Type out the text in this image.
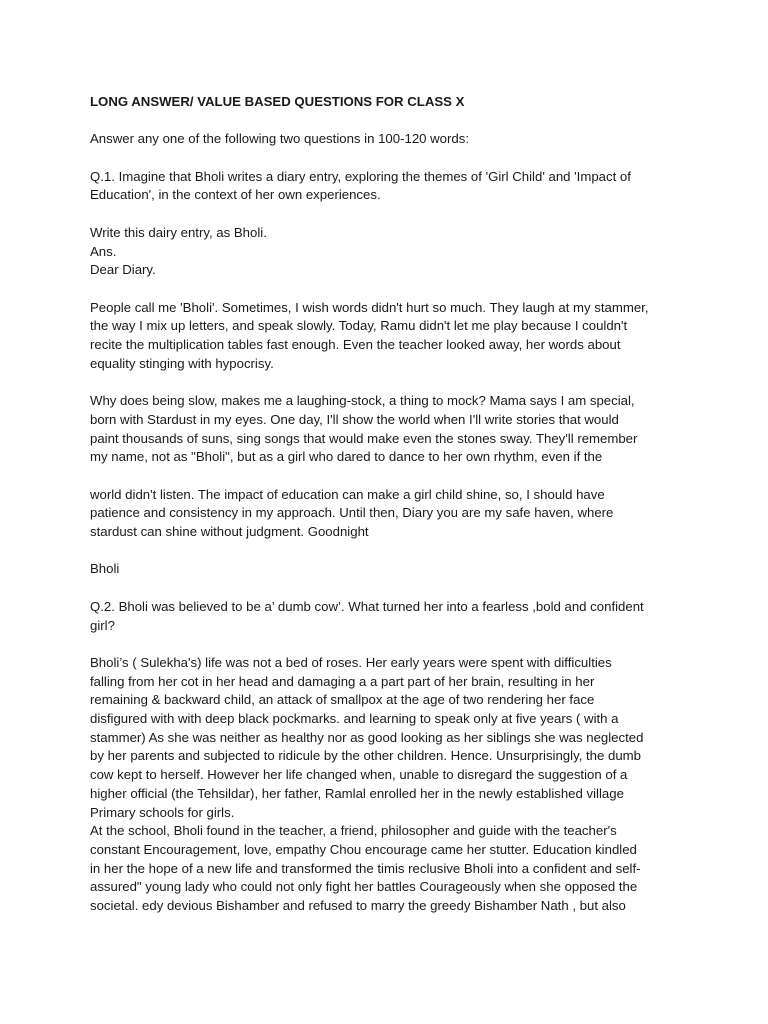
LONG ANSWER/ VALUE BASED QUESTIONS FOR CLASS X
Answer any one of the following two questions in 100-120 words:
Q.1. Imagine that Bholi writes a diary entry, exploring the themes of 'Girl Child' and 'Impact of
Education', in the context of her own experiences.
Write this dairy entry, as Bholi.
Ans.
Dear Diary.
People call me 'Bholi'. Sometimes, I wish words didn't hurt so much. They laugh at my stammer,
the way I mix up letters, and speak slowly. Today, Ramu didn't let me play because I couldn't
recite the multiplication tables fast enough. Even the teacher looked away, her words about
equality stinging with hypocrisy.
Why does being slow, makes me a laughing-stock, a thing to mock? Mama says I am special,
born with Stardust in my eyes. One day, I'll show the world when I'll write stories that would
paint thousands of suns, sing songs that would make even the stones sway. They'll remember
my name, not as "Bholi", but as a girl who dared to dance to her own rhythm, even if the
world didn't listen. The impact of education can make a girl child shine, so, I should have
patience and consistency in my approach. Until then, Diary you are my safe haven, where
stardust can shine without judgment. Goodnight
Bholi
Q.2. Bholi was believed to be a’ dumb cow’. What turned her into a fearless ,bold and confident
girl?
Bholi’s ( Sulekha's) life was not a bed of roses. Her early years were spent with difficulties
falling from her cot in her head and damaging a a part part of her brain, resulting in her
remaining & backward child, an attack of smallpox at the age of two rendering her face
disfigured with with deep black pockmarks. and learning to speak only at five years ( with a
stammer) As she was neither as healthy nor as good looking as her siblings she was neglected
by her parents and subjected to ridicule by the other children. Hence. Unsurprisingly, the dumb
cow kept to herself. However her life changed when, unable to disregard the suggestion of a
higher official (the Tehsildar), her father, Ramlal enrolled her in the newly established village
Primary schools for girls.
At the school, Bholi found in the teacher, a friend, philosopher and guide with the teacher's
constant Encouragement, love, empathy Chou encourage came her stutter. Education kindled
in her the hope of a new life and transformed the timis reclusive Bholi into a confident and self-
assured" young lady who could not only fight her battles Courageously when she opposed the
societal. edy devious Bishamber and refused to marry the greedy Bishamber Nath , but also
